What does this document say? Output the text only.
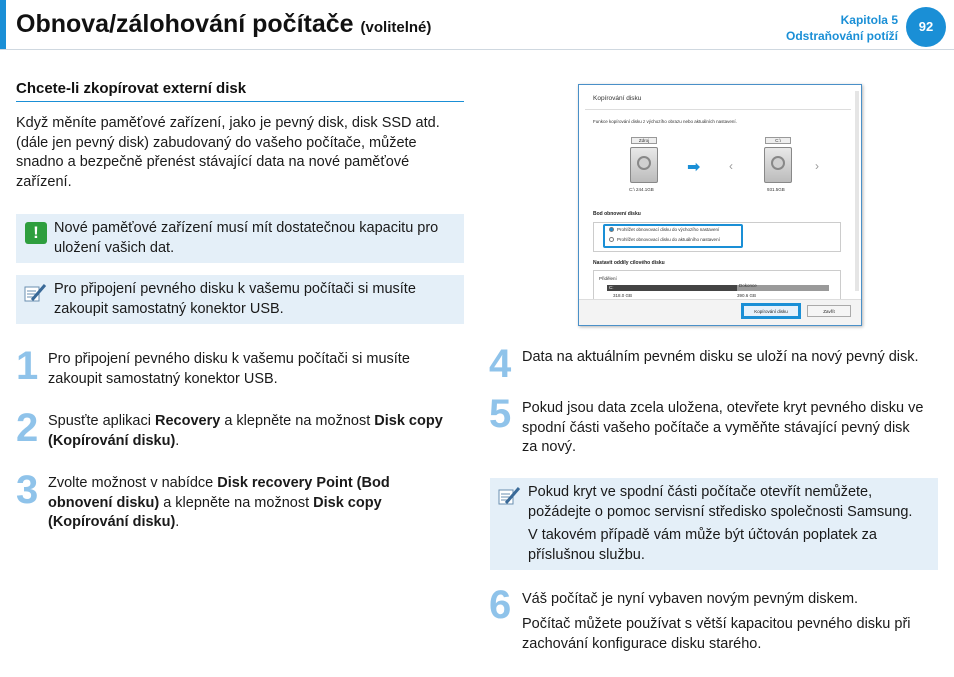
Obnova/zálohování počítače (volitelné)	Kapitola 5
Odstraňování potíží
92
Chcete-li zkopírovat externí disk
Když měníte paměťové zařízení, jako je pevný disk, disk SSD atd. (dále jen pevný disk) zabudovaný do vašeho počítače, můžete snadno a bezpečně přenést stávající data na nové paměťové zařízení.
!	Nové paměťové zařízení musí mít dostatečnou kapacitu pro uložení vašich dat.
Pro připojení pevného disku k vašemu počítači si musíte zakoupit samostatný konektor USB.
1 Pro připojení pevného disku k vašemu počítači si musíte zakoupit samostatný konektor USB.
2 Spusťte aplikaci Recovery a klepněte na možnost Disk copy (Kopírování disku).
3 Zvolte možnost v nabídce Disk recovery Point (Bod obnovení disku) a klepněte na možnost Disk copy (Kopírování disku).
Kopírování disku
Funkce kopírování disku z výchozího obrazu nebo aktuálních nastavení.
Zdroj
C:\ 244.1GB
➡ ‹	›
C:\
931.5GB
Bod obnovení disku
Prohlížet obnovovací disku do výchozího nastavení
Prohlížet obnovovací disku do aktuálního nastavení
Nastavit oddíly cílového disku
Přidělení
C:	Dokonce
318.0 GB	390.6 GB
Kopírování disku	Zavřít
4 Data na aktuálním pevném disku se uloží na nový pevný disk.
5 Pokud jsou data zcela uložena, otevřete kryt pevného disku ve spodní části vašeho počítače a vyměňte stávající pevný disk za nový.
Pokud kryt ve spodní části počítače otevřít nemůžete, požádejte o pomoc servisní středisko společnosti Samsung.
V takovém případě vám může být účtován poplatek za příslušnou službu.
6 Váš počítač je nyní vybaven novým pevným diskem.
Počítač můžete používat s větší kapacitou pevného disku při zachování konfigurace disku starého.
